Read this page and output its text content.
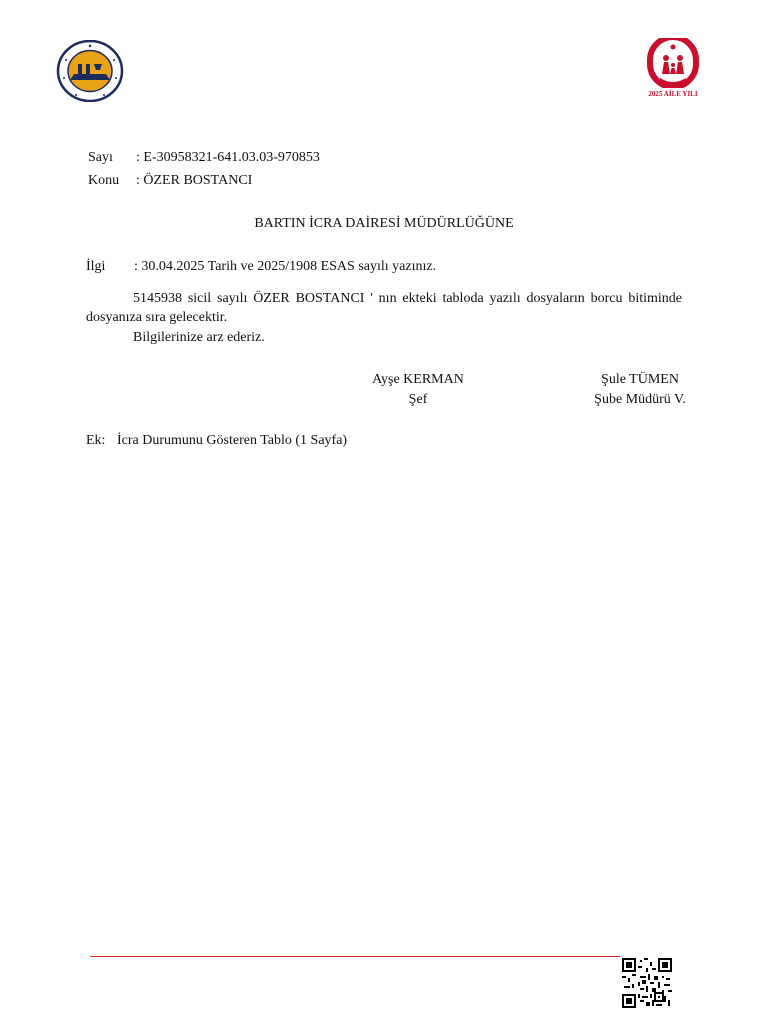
2025 AİLE YILI
Sayı : E-30958321-641.03.03-970853
Konu : ÖZER BOSTANCI
BARTIN İCRA DAİRESİ MÜDÜRLÜĞÜNE
İlgi : 30.04.2025 Tarih ve 2025/1908 ESAS sayılı yazınız.
5145938 sicil sayılı ÖZER BOSTANCI ' nın ekteki tabloda yazılı dosyaların borcu bitiminde dosyanıza sıra gelecektir.
Bilgilerinize arz ederiz.
Ayşe KERMAN
Şef
Şule TÜMEN
Şube Müdürü V.
Ek: İcra Durumunu Gösteren Tablo (1 Sayfa)
